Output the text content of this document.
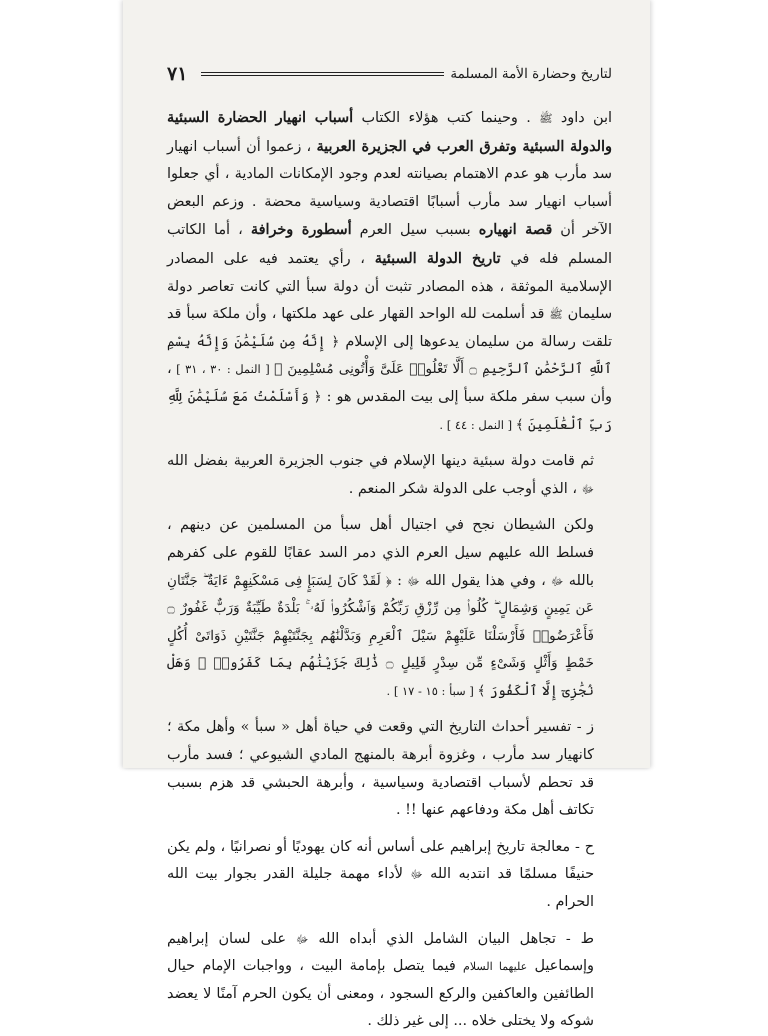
٧١	لتاريخ وحضارة الأمة المسلمة

ابن داود ﷺ . وحينما كتب هؤلاء الكتاب أسباب انهيار الحضارة السبئية والدولة السبئية وتفرق العرب في الجزيرة العربية ، زعموا أن أسباب انهيار سد مأرب هو عدم الاهتمام بصيانته لعدم وجود الإمكانات المادية ، أي جعلوا أسباب انهيار سد مأرب أسبابًا اقتصادية وسياسية محضة . وزعم البعض الآخر أن قصة انهياره بسبب سيل العرم أسطورة وخرافة ، أما الكاتب المسلم فله في تاريخ الدولة السبئية ، رأي يعتمد فيه على المصادر الإسلامية الموثقة ، هذه المصادر تثبت أن دولة سبأ التي كانت تعاصر دولة سليمان ﷺ قد أسلمت لله الواحد القهار على عهد ملكتها ، وأن ملكة سبأ قد تلقت رسالة من سليمان يدعوها إلى الإسلام ﴿ إِنَّهُ مِن سُلَيْمَٰنَ وَإِنَّهُ بِسْمِ ٱللَّهِ ٱلرَّحْمَٰنِ ٱلرَّحِيمِ ۝ أَلَّا تَعْلُوا۟ عَلَىَّ وَأْتُونِى مُسْلِمِينَ ﴾ [ النمل : ٣٠ ، ٣١ ] ، وأن سبب سفر ملكة سبأ إلى بيت المقدس هو : ﴿ وَأَسْلَمْتُ مَعَ سُلَيْمَٰنَ لِلَّهِ رَبِّ ٱلْعَٰلَمِينَ ﴾ [ النمل : ٤٤ ] .

ثم قامت دولة سبئية دينها الإسلام في جنوب الجزيرة العربية بفضل الله ﷻ ، الذي أوجب على الدولة شكر المنعم .

ولكن الشيطان نجح في اجتيال أهل سبأ من المسلمين عن دينهم ، فسلط الله عليهم سيل العرم الذي دمر السد عقابًا للقوم على كفرهم بالله ﷻ ، وفي هذا يقول الله ﷻ : ﴿ لَقَدْ كَانَ لِسَبَإٍ فِى مَسْكَنِهِمْ ءَايَةٌ ۖ جَنَّتَانِ عَن يَمِينٍ وَشِمَالٍ ۖ كُلُوا۟ مِن رِّزْقِ رَبِّكُمْ وَٱشْكُرُوا۟ لَهُۥ ۚ بَلْدَةٌ طَيِّبَةٌ وَرَبٌّ غَفُورٌ ۝ فَأَعْرَضُوا۟ فَأَرْسَلْنَا عَلَيْهِمْ سَيْلَ ٱلْعَرِمِ وَبَدَّلْنَٰهُم بِجَنَّتَيْهِمْ جَنَّتَيْنِ ذَوَاتَىْ أُكُلٍ خَمْطٍ وَأَثْلٍ وَشَىْءٍ مِّن سِدْرٍ قَلِيلٍ ۝ ذَٰلِكَ جَزَيْنَٰهُم بِمَا كَفَرُوا۟ ۖ وَهَلْ نُجَٰزِىٓ إِلَّا ٱلْكَفُورَ ﴾ [ سبأ : ١٥ - ١٧ ] .

ز - تفسير أحداث التاريخ التي وقعت في حياة أهل « سبأ » وأهل مكة ؛ كانهيار سد مأرب ، وغزوة أبرهة بالمنهج المادي الشيوعي ؛ فسد مأرب قد تحطم لأسباب اقتصادية وسياسية ، وأبرهة الحبشي قد هزم بسبب تكاتف أهل مكة ودفاعهم عنها !! .

ح - معالجة تاريخ إبراهيم على أساس أنه كان يهوديًا أو نصرانيًا ، ولم يكن حنيفًا مسلمًا قد انتدبه الله ﷻ لأداء مهمة جليلة القدر بجوار بيت الله الحرام .

ط - تجاهل البيان الشامل الذي أبداه الله ﷻ على لسان إبراهيم وإسماعيل عليهما السلام فيما يتصل بإمامة البيت ، وواجبات الإمام حيال الطائفين والعاكفين والركع السجود ، ومعنى أن يكون الحرم آمنًا لا يعضد شوكه ولا يختلى خلاه ... إلى غير ذلك .
